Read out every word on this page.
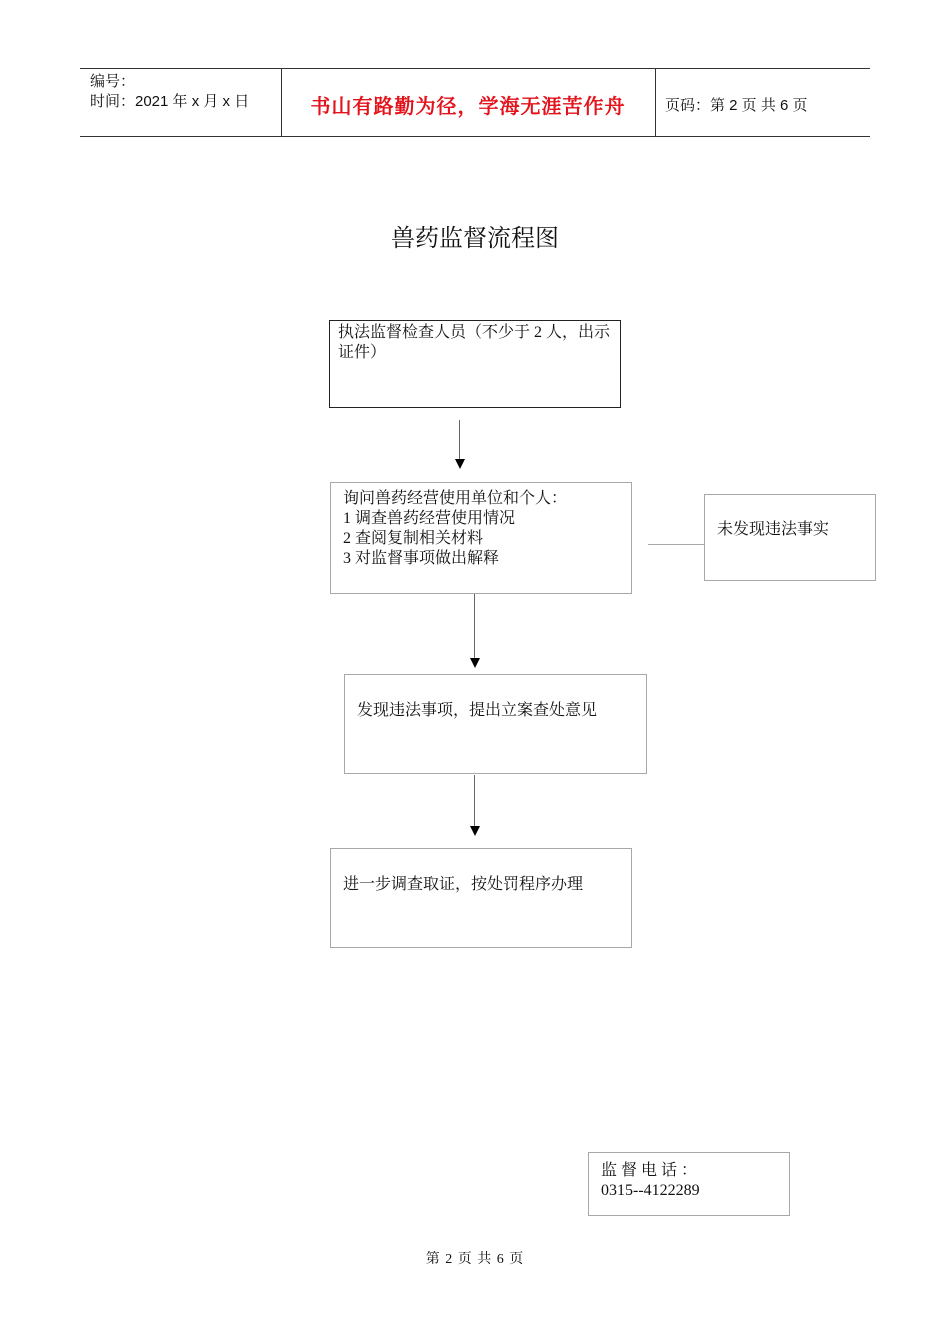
编号：
时间：2021 年 x 月 x 日	书山有路勤为径，学海无涯苦作舟	页码：第 2 页 共 6 页
兽药监督流程图
执法监督检查人员（不少于 2 人，出示证件）
询问兽药经营使用单位和个人：
1 调查兽药经营使用情况
2 查阅复制相关材料
3 对监督事项做出解释
未发现违法事实
发现违法事项，提出立案查处意见
进一步调查取证，按处罚程序办理
监 督 电 话 ：
0315--4122289
第 2 页 共 6 页
